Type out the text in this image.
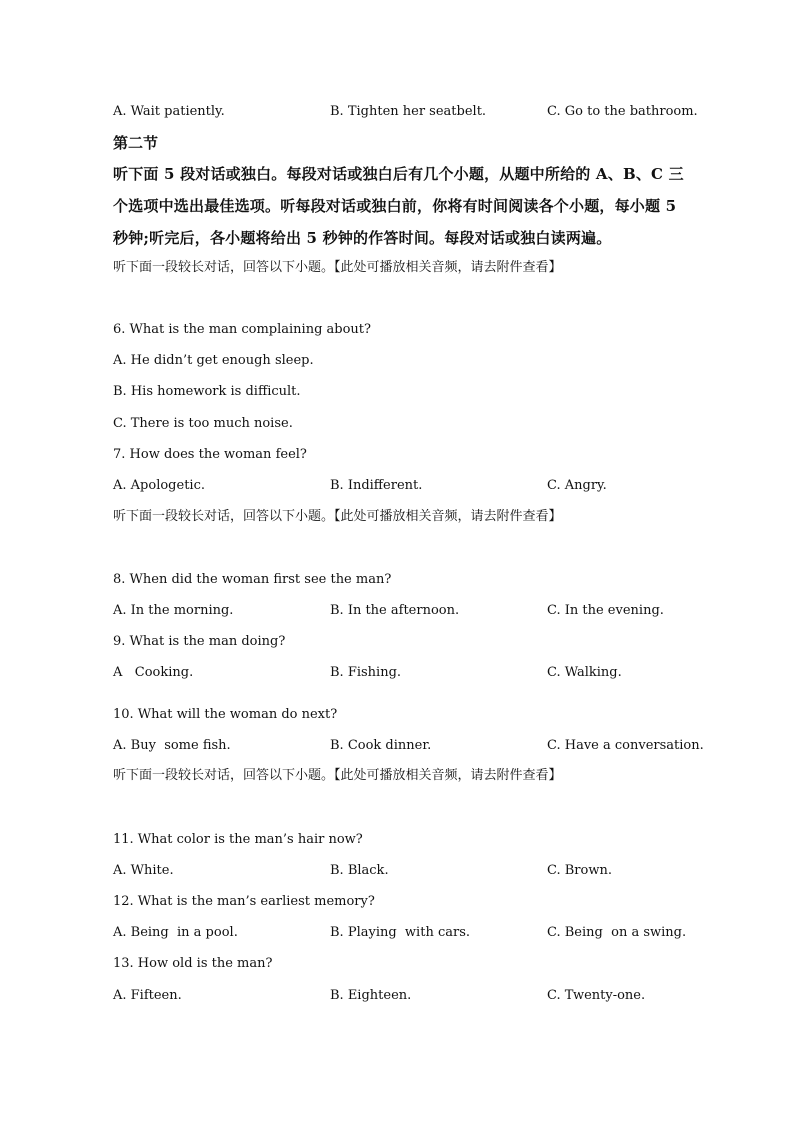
A. Wait patiently.	B. Tighten her seatbelt.	C. Go to the bathroom.
第二节

听下面 5 段对话或独白。每段对话或独白后有几个小题，从题中所给的 A、B、C 三

个选项中选出最佳选项。听每段对话或独白前，你将有时间阅读各个小题，每小题 5

秒钟;听完后，各小题将给出 5 秒钟的作答时间。每段对话或独白读两遍。

听下面一段较长对话，回答以下小题。【此处可播放相关音频，请去附件查看】
6. What is the man complaining about?
A. He didn’t get enough sleep.
B. His homework is difficult.
C. There is too much noise.
7. How does the woman feel?
A. Apologetic.	B. Indifferent.	C. Angry.
听下面一段较长对话，回答以下小题。【此处可播放相关音频，请去附件查看】
8. When did the woman first see the man?
A. In the morning.	B. In the afternoon.	C. In the evening.
9. What is the man doing?
A   Cooking.	B. Fishing.	C. Walking.
10. What will the woman do next?
A. Buy  some fish.	B. Cook dinner.	C. Have a conversation.
听下面一段较长对话，回答以下小题。【此处可播放相关音频，请去附件查看】
11. What color is the man’s hair now?
A. White.	B. Black.	C. Brown.
12. What is the man’s earliest memory?
A. Being  in a pool.	B. Playing  with cars.	C. Being  on a swing.
13. How old is the man?
A. Fifteen.	B. Eighteen.	C. Twenty-one.
